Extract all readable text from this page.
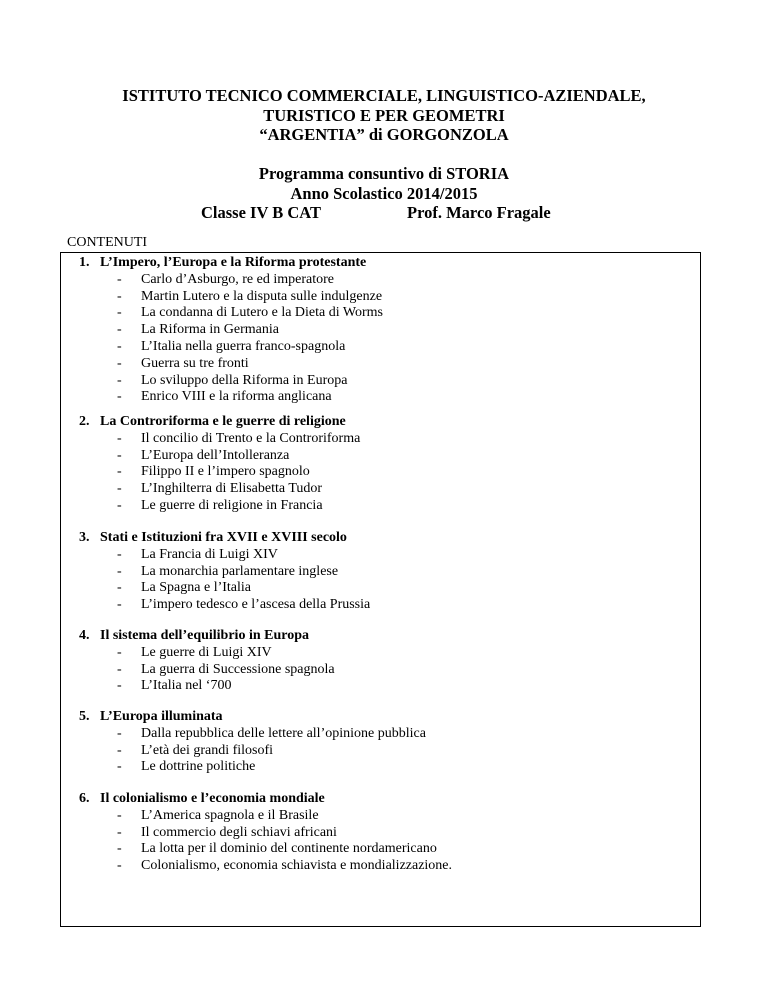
ISTITUTO TECNICO COMMERCIALE, LINGUISTICO-AZIENDALE,
TURISTICO E PER GEOMETRI
“ARGENTIA” di GORGONZOLA
Programma consuntivo di STORIA
Anno Scolastico 2014/2015
Classe IV B CAT	Prof. Marco Fragale
CONTENUTI
1. L’Impero, l’Europa e la Riforma protestante
- Carlo d’Asburgo, re ed imperatore
- Martin Lutero e la disputa sulle indulgenze
- La condanna di Lutero e la Dieta di Worms
- La Riforma in Germania
- L’Italia nella guerra franco-spagnola
- Guerra su tre fronti
- Lo sviluppo della Riforma in Europa
- Enrico VIII e la riforma anglicana
2. La Controriforma e le guerre di religione
- Il concilio di Trento e la Controriforma
- L’Europa dell’Intolleranza
- Filippo II e l’impero spagnolo
- L’Inghilterra di Elisabetta Tudor
- Le guerre di religione in Francia
3. Stati e Istituzioni fra XVII e XVIII secolo
- La Francia di Luigi XIV
- La monarchia parlamentare inglese
- La Spagna e l’Italia
- L’impero tedesco e l’ascesa della Prussia
4. Il sistema dell’equilibrio in Europa
- Le guerre di Luigi XIV
- La guerra di Successione spagnola
- L’Italia nel ‘700
5. L’Europa illuminata
- Dalla repubblica delle lettere all’opinione pubblica
- L’età dei grandi filosofi
- Le dottrine politiche
6. Il colonialismo e l’economia mondiale
- L’America spagnola e il Brasile
- Il commercio degli schiavi africani
- La lotta per il dominio del continente nordamericano
- Colonialismo, economia schiavista e mondializzazione.
